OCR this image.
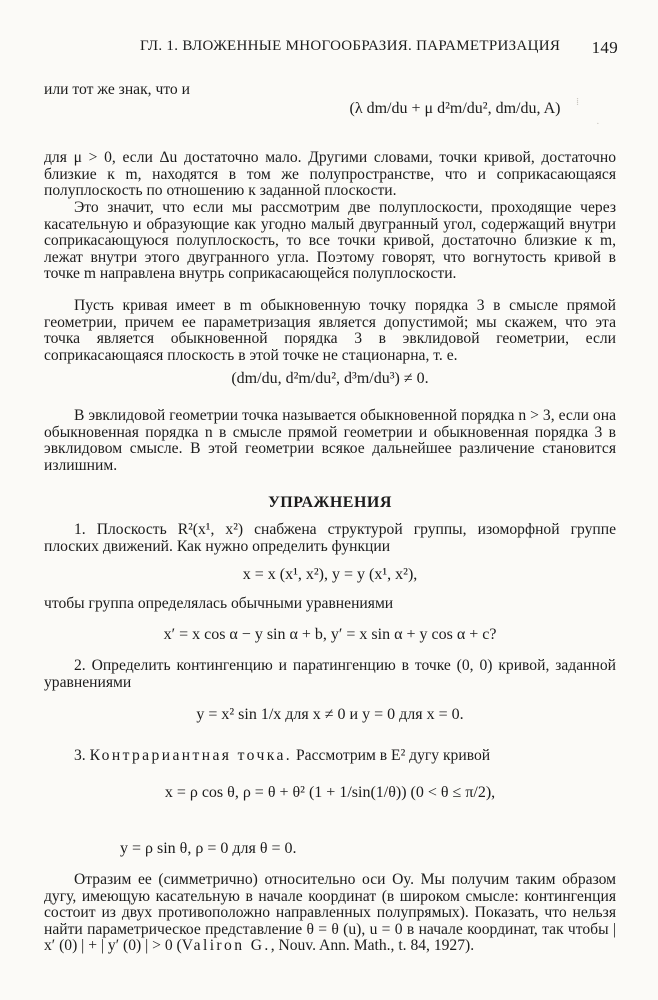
ГЛ. 1. ВЛОЖЕННЫЕ МНОГООБРАЗИЯ. ПАРАМЕТРИЗАЦИЯ 149

или тот же знак, что и

(λ dm/du + μ d²m/du², dm/du, A)

для μ > 0, если Δu достаточно мало. Другими словами, точки кривой, достаточно близкие к m, находятся в том же полупространстве, что и соприкасающаяся полуплоскость по отношению к заданной плоскости.

Это значит, что если мы рассмотрим две полуплоскости, проходящие через касательную и образующие как угодно малый двугранный угол, содержащий внутри соприкасающуюся полуплоскость, то все точки кривой, достаточно близкие к m, лежат внутри этого двугранного угла. Поэтому говорят, что вогнутость кривой в точке m направлена внутрь соприкасающейся полуплоскости.

Пусть кривая имеет в m обыкновенную точку порядка 3 в смысле прямой геометрии, причем ее параметризация является допустимой; мы скажем, что эта точка является обыкновенной порядка 3 в эвклидовой геометрии, если соприкасающаяся плоскость в этой точке не стационарна, т. е.

(dm/du, d²m/du², d³m/du³) ≠ 0.

В эвклидовой геометрии точка называется обыкновенной порядка n > 3, если она обыкновенная порядка n в смысле прямой геометрии и обыкновенная порядка 3 в эвклидовом смысле. В этой геометрии всякое дальнейшее различение становится излишним.

УПРАЖНЕНИЯ

1. Плоскость R²(x¹, x²) снабжена структурой группы, изоморфной группе плоских движений. Как нужно определить функции

x = x (x¹, x²), y = y (x¹, x²),

чтобы группа определялась обычными уравнениями

x′ = x cos α − y sin α + b, y′ = x sin α + y cos α + c?

2. Определить контингенцию и паратингенцию в точке (0, 0) кривой, заданной уравнениями

y = x² sin 1/x для x ≠ 0 и y = 0 для x = 0.

3. Контрариантная точка. Рассмотрим в E² дугу кривой

x = ρ cos θ, ρ = θ + θ² (1 + 1/sin(1/θ)) (0 < θ ≤ π/2),
y = ρ sin θ, ρ = 0 для θ = 0.

Отразим ее (симметрично) относительно оси Oy. Мы получим таким образом дугу, имеющую касательную в начале координат (в широком смысле: контингенция состоит из двух противоположно направленных полупрямых). Показать, что нельзя найти параметрическое представление θ = θ (u), u = 0 в начале координат, так чтобы | x′ (0) | + | y′ (0) | > 0 (Valiron G., Nouv. Ann. Math., t. 84, 1927).

⁞
·
